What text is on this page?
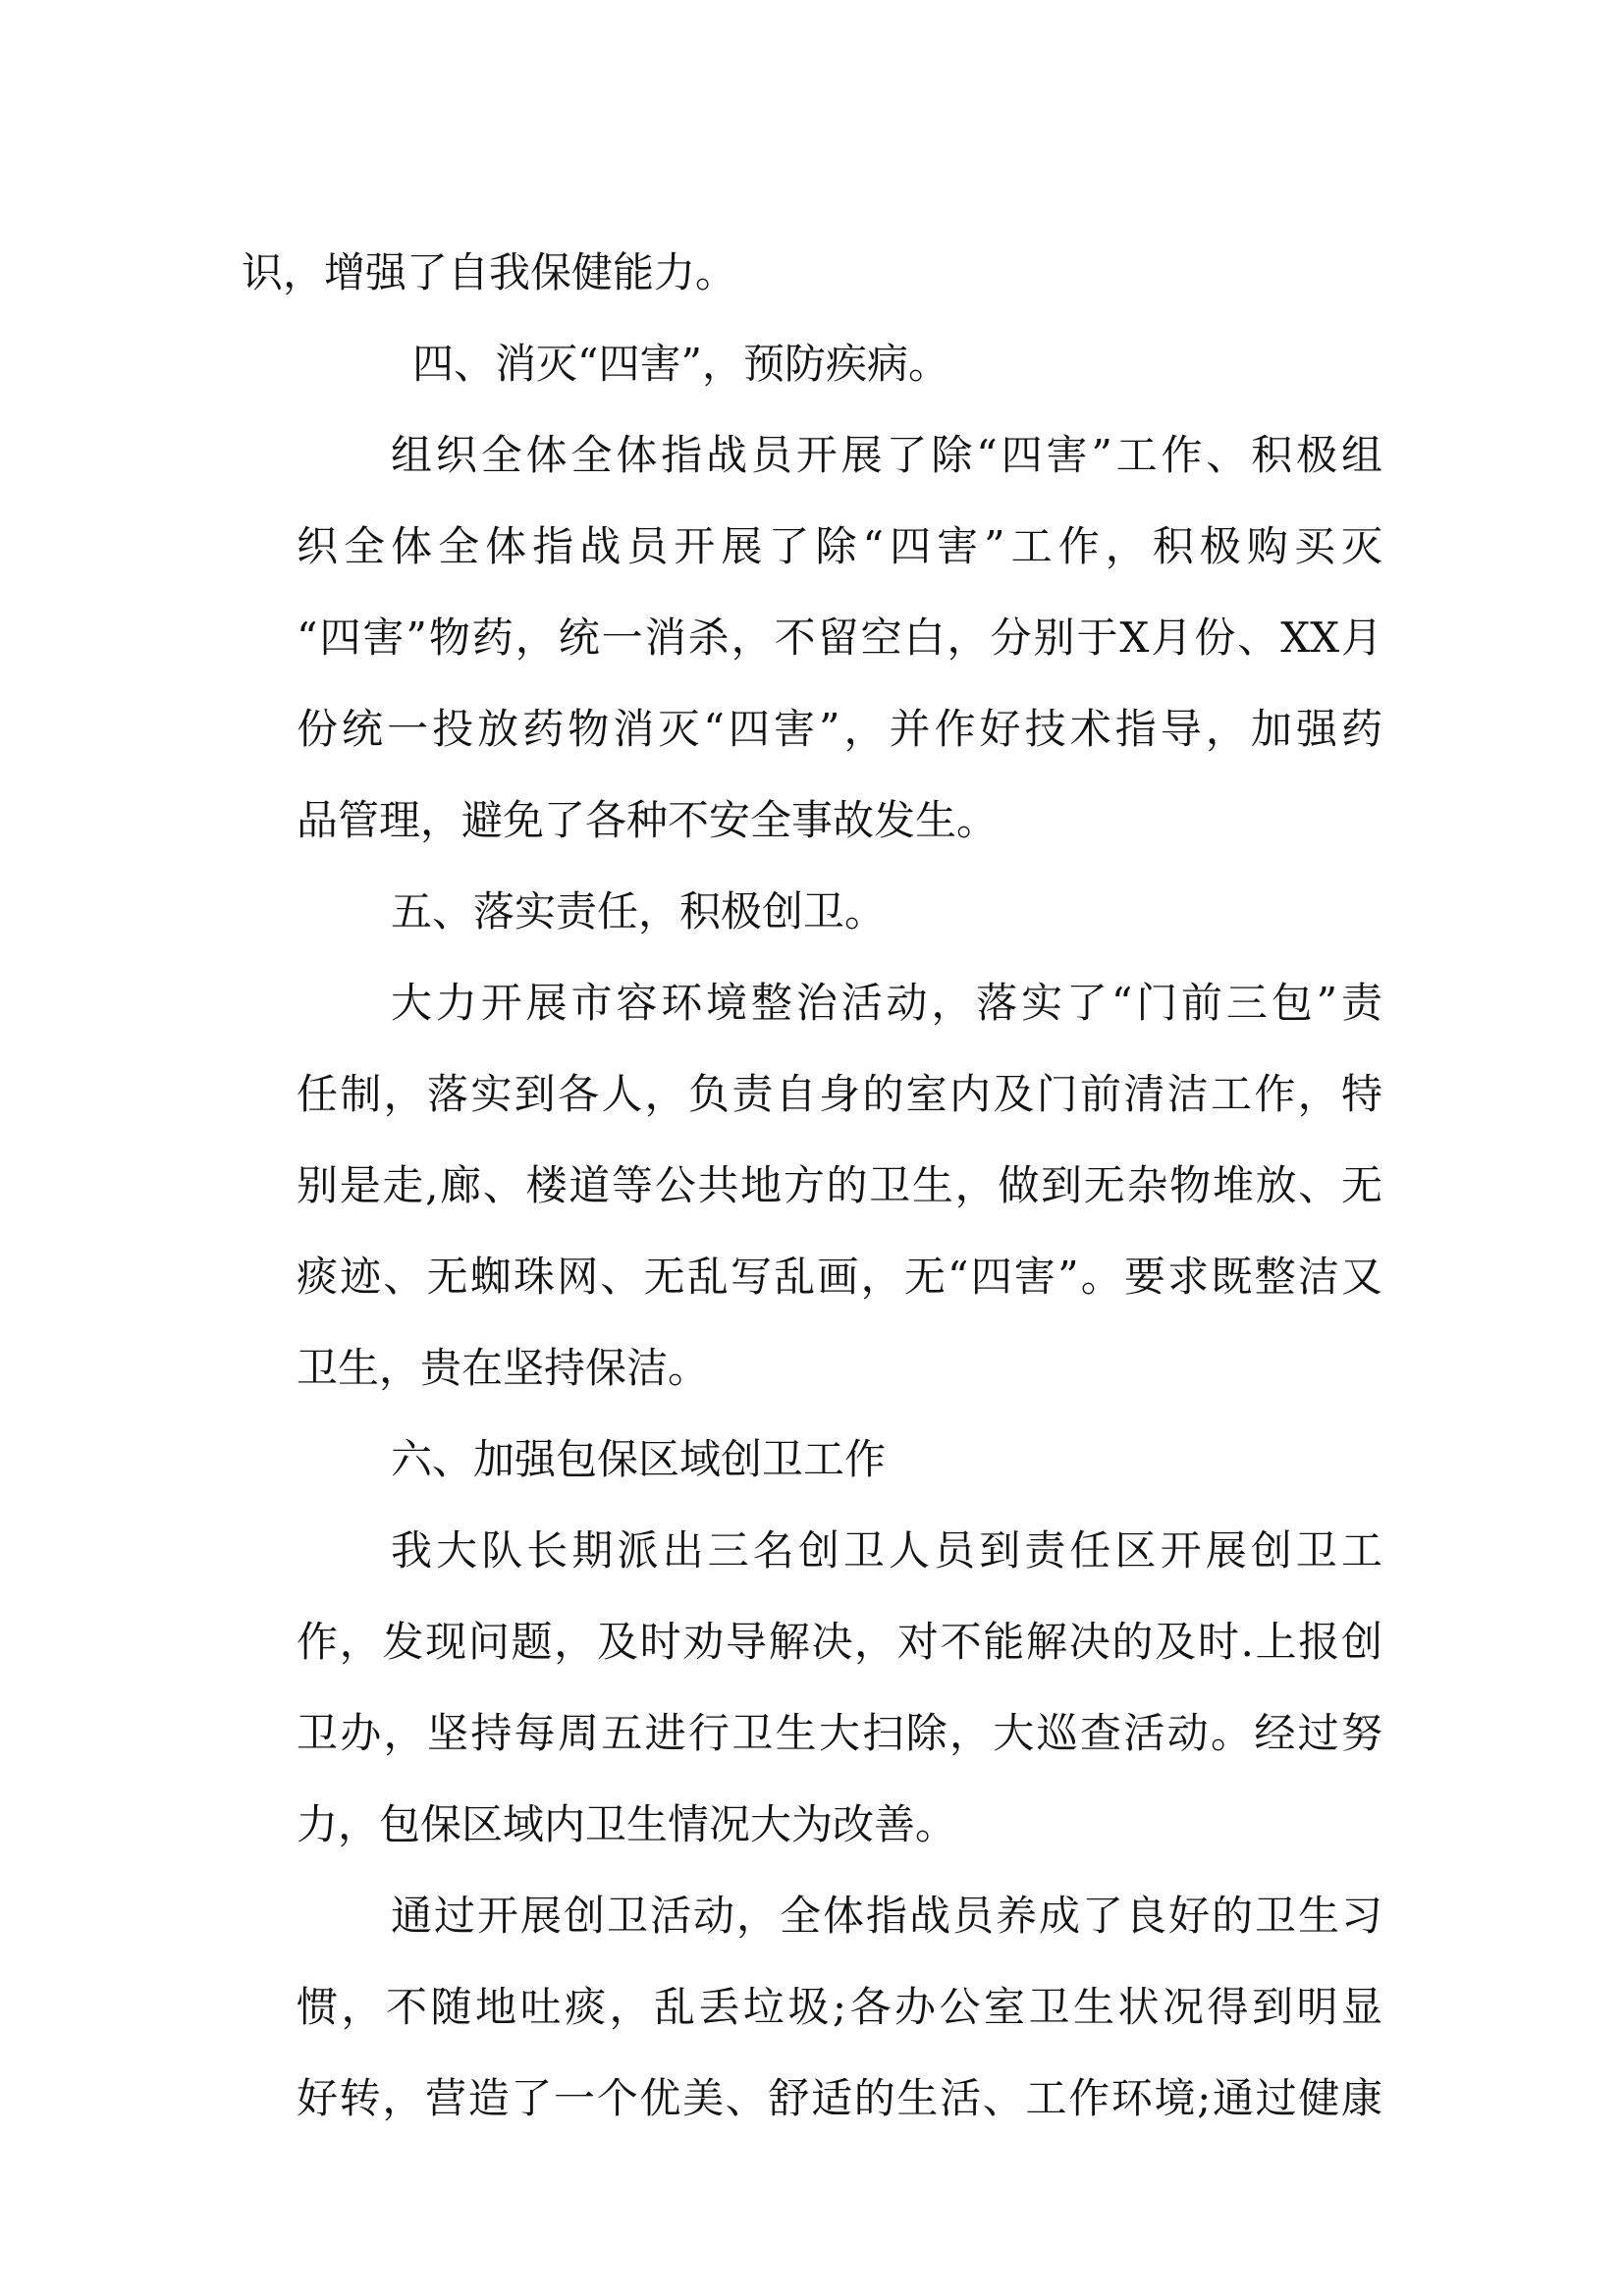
识，增强了自我保健能力。
四、消灭“四害”，预防疾病。
组织全体全体指战员开展了除“四害”工作、积极组
织全体全体指战员开展了除“四害”工作，积极购买灭
“四害”物药，统一消杀，不留空白，分别于X月份、XX月
份统一投放药物消灭“四害”，并作好技术指导，加强药
品管理，避免了各种不安全事故发生。
五、落实责任，积极创卫。
大力开展市容环境整治活动，落实了“门前三包”责
任制，落实到各人，负责自身的室内及门前清洁工作，特
别是走,廊、楼道等公共地方的卫生，做到无杂物堆放、无
痰迹、无蜘珠网、无乱写乱画，无“四害”。要求既整洁又
卫生，贵在坚持保洁。
六、加强包保区域创卫工作
我大队长期派出三名创卫人员到责任区开展创卫工
作，发现问题，及时劝导解决，对不能解决的及时.上报创
卫办，坚持每周五进行卫生大扫除，大巡查活动。经过努
力，包保区域内卫生情况大为改善。
通过开展创卫活动，全体指战员养成了良好的卫生习
惯，不随地吐痰，乱丢垃圾;各办公室卫生状况得到明显
好转，营造了一个优美、舒适的生活、工作环境;通过健康
